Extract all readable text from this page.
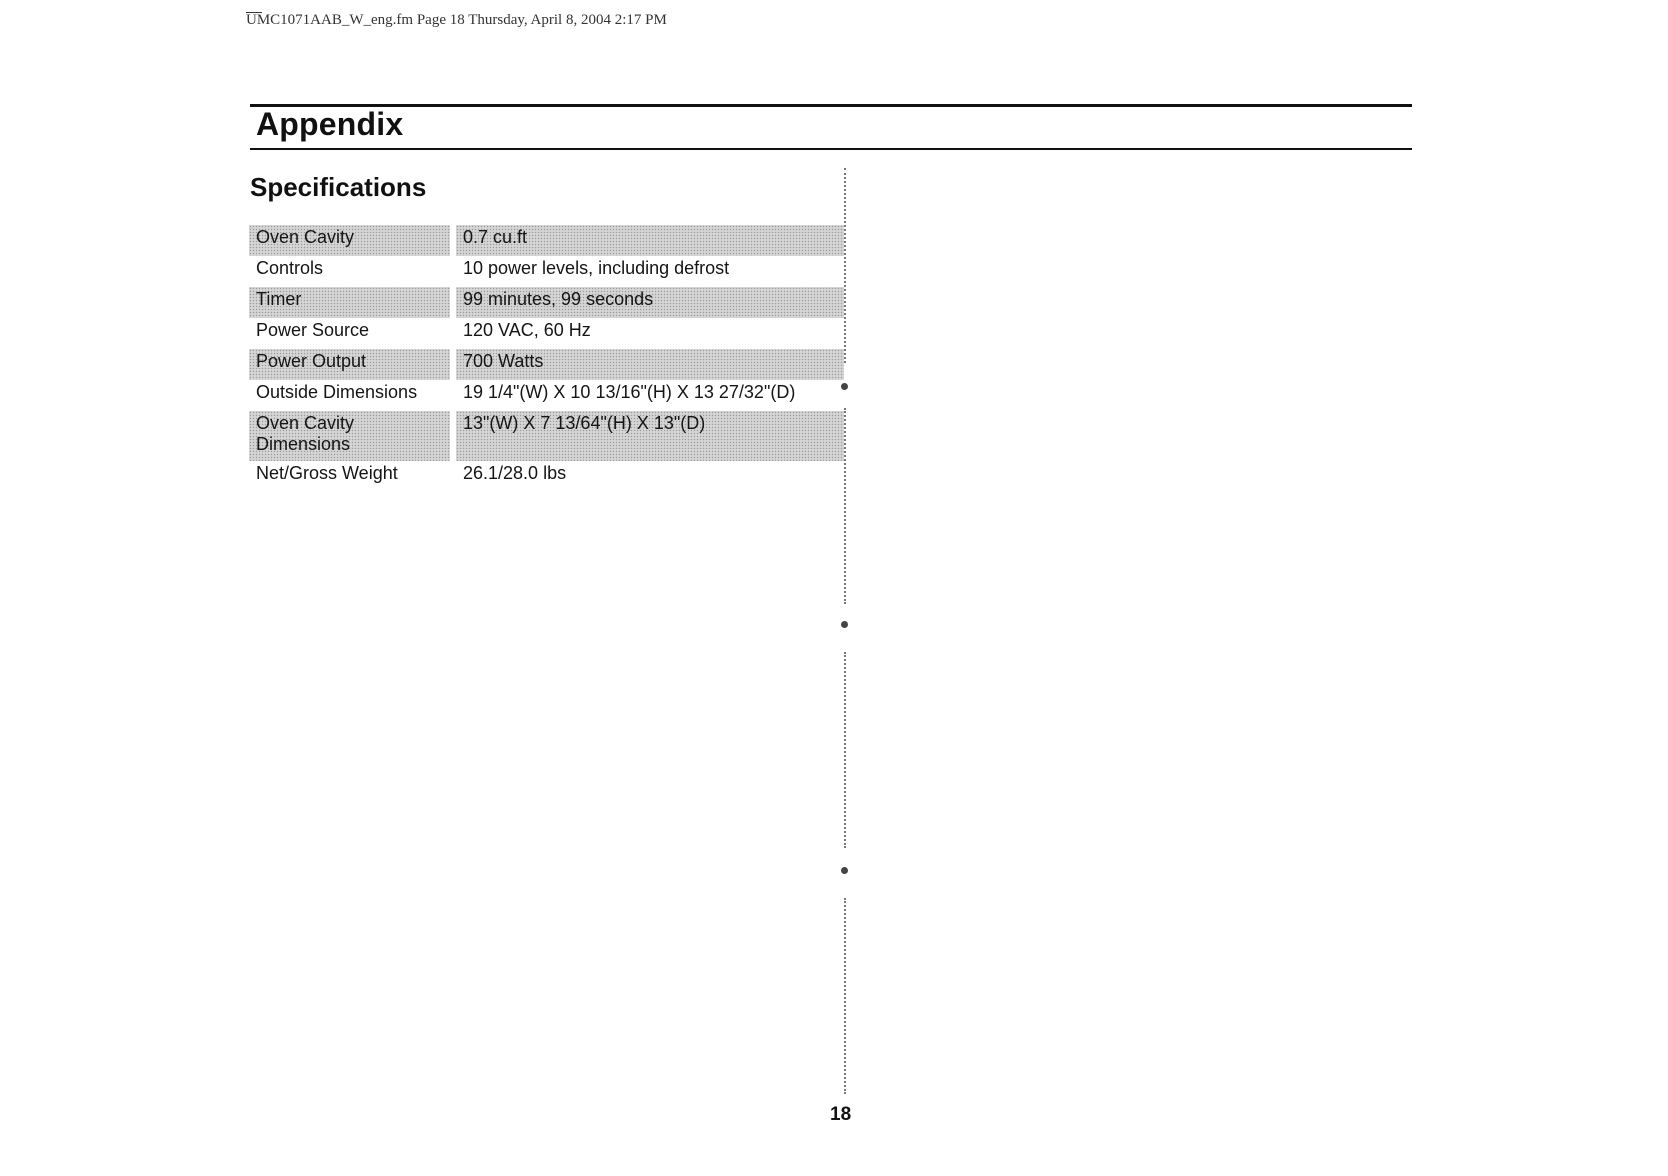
UMC1071AAB_W_eng.fm Page 18 Thursday, April 8, 2004 2:17 PM
Appendix
Specifications
Oven Cavity	0.7 cu.ft
Controls	10 power levels, including defrost
Timer	99 minutes, 99 seconds
Power Source	120 VAC, 60 Hz
Power Output	700 Watts
Outside Dimensions	19 1/4"(W) X 10 13/16"(H) X 13 27/32"(D)
Oven Cavity Dimensions	13"(W) X 7 13/64"(H) X 13"(D)
Net/Gross Weight	26.1/28.0 lbs
18
